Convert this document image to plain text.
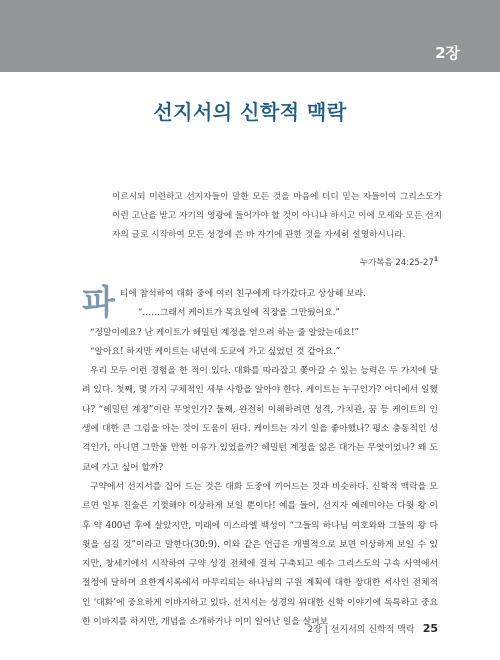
2장
선지서의 신학적 맥락
이르시되 미련하고 선지자들이 말한 모든 것을 마음에 더디 믿는 자들이여 그리스도가 이런 고난을 받고 자기의 영광에 들어가야 할 것이 아니냐 하시고 이에 모세와 모든 선지자의 글로 시작하여 모든 성경에 쓴 바 자기에 관한 것을 자세히 설명하시니라.
누가복음 $24:25-27^1$

파티에 참석하여 대화 중에 여러 친구에게 다가갔다고 상상해 보라.

“……그래서 케이트가 목요일에 직장을 그만뒀어요.”

“정말이에요? 난 케이트가 헤밀턴 계정을 얻으려 하는 줄 알았는데요!”

“알아요! 하지만 케이트는 내년에 도쿄에 가고 싶었던 것 같아요.”

우리 모두 이런 경험을 한 적이 있다. 대화를 따라잡고 쫓아갈 수 있는 능력은 두 가지에 달려 있다. 첫째, 몇 가지 구체적인 세부 사항을 알아야 한다. 케이트는 누구인가? 어디에서 일했나? “헤밀턴 계정”이란 무엇인가? 둘째, 완전히 이해하려면 성격, 가치관, 꿈 등 케이트의 인생에 대한 큰 그림을 아는 것이 도움이 된다. 케이트는 자기 일을 좋아했나? 평소 충동적인 성격인가, 아니면 그만둘 만한 이유가 있었을까? 헤밀턴 계정을 잃은 대가는 무엇이었나? 왜 도쿄에 가고 싶어 할까?

구약에서 선지서를 집어 드는 것은 대화 도중에 끼어드는 것과 비슷하다. 신학적 맥락을 모르면 일부 진술은 기껏해야 이상하게 보일 뿐이다! 예를 들어, 선지자 예레미야는 다윗 왕 이후 약 400년 후에 살았지만, 미래에 이스라엘 백성이 “그들의 하나님 여호와와 그들의 왕 다윗을 섬길 것”이라고 말한다(30:9). 이와 같은 언급은 개별적으로 보면 이상하게 보일 수 있지만, 창세기에서 시작하여 구약 성경 전체에 걸쳐 구축되고 예수 그리스도의 구속 사역에서 절정에 달하며 요한계시록에서 마무리되는 하나님의 구원 계획에 대한 장대한 서사인 전체적인 ‘대화’에 중요하게 이바지하고 있다. 선지서는 성경의 위대한 신학 이야기에 독특하고 중요한 이바지를 하지만, 개념을 소개하거나 이미 일어난 일을 살펴보

2장 | 선지서의 신학적 맥락 25
